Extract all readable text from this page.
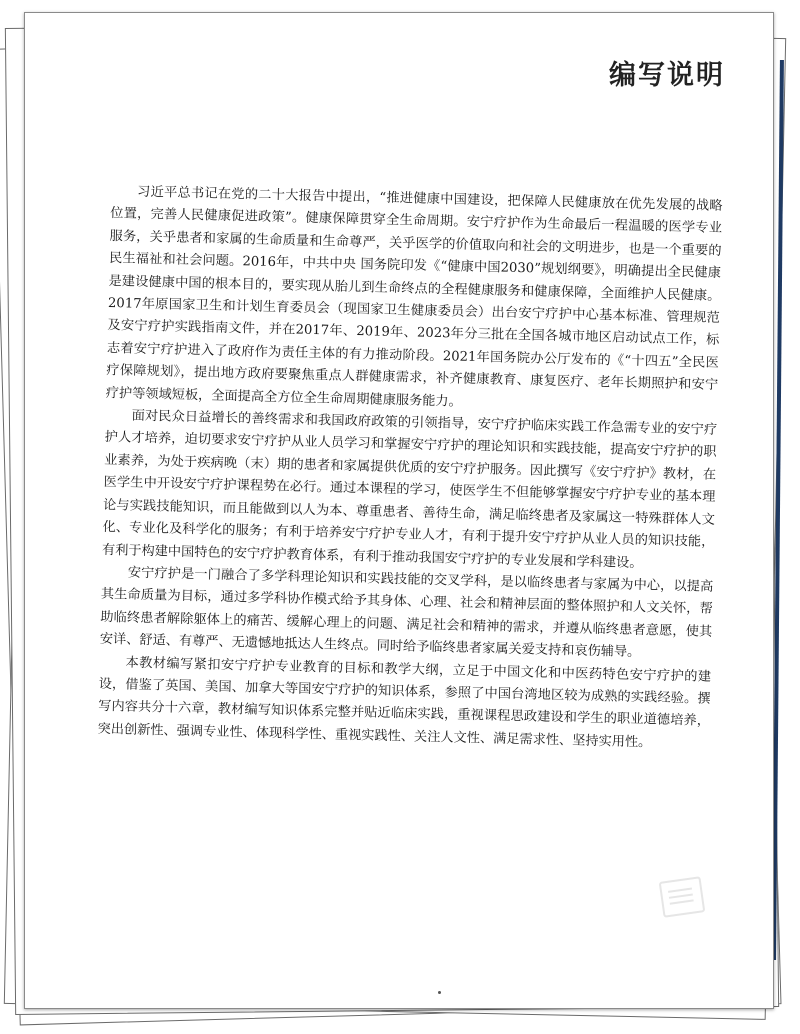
编写说明

习近平总书记在党的二十大报告中提出，“推进健康中国建设，把保障人民健康放在优先发展的战略位置，完善人民健康促进政策”。健康保障贯穿全生命周期。安宁疗护作为生命最后一程温暖的医学专业服务，关乎患者和家属的生命质量和生命尊严，关乎医学的价值取向和社会的文明进步，也是一个重要的民生福祉和社会问题。2016年，中共中央 国务院印发《“健康中国2030”规划纲要》，明确提出全民健康是建设健康中国的根本目的，要实现从胎儿到生命终点的全程健康服务和健康保障，全面维护人民健康。2017年原国家卫生和计划生育委员会（现国家卫生健康委员会）出台安宁疗护中心基本标准、管理规范及安宁疗护实践指南文件，并在2017年、2019年、2023年分三批在全国各城市地区启动试点工作，标志着安宁疗护进入了政府作为责任主体的有力推动阶段。2021年国务院办公厅发布的《“十四五”全民医疗保障规划》，提出地方政府要聚焦重点人群健康需求，补齐健康教育、康复医疗、老年长期照护和安宁疗护等领域短板，全面提高全方位全生命周期健康服务能力。

面对民众日益增长的善终需求和我国政府政策的引领指导，安宁疗护临床实践工作急需专业的安宁疗护人才培养，迫切要求安宁疗护从业人员学习和掌握安宁疗护的理论知识和实践技能，提高安宁疗护的职业素养，为处于疾病晚（末）期的患者和家属提供优质的安宁疗护服务。因此撰写《安宁疗护》教材，在医学生中开设安宁疗护课程势在必行。通过本课程的学习，使医学生不但能够掌握安宁疗护专业的基本理论与实践技能知识，而且能做到以人为本、尊重患者、善待生命，满足临终患者及家属这一特殊群体人文化、专业化及科学化的服务；有利于培养安宁疗护专业人才，有利于提升安宁疗护从业人员的知识技能，有利于构建中国特色的安宁疗护教育体系，有利于推动我国安宁疗护的专业发展和学科建设。

安宁疗护是一门融合了多学科理论知识和实践技能的交叉学科，是以临终患者与家属为中心，以提高其生命质量为目标，通过多学科协作模式给予其身体、心理、社会和精神层面的整体照护和人文关怀，帮助临终患者解除躯体上的痛苦、缓解心理上的问题、满足社会和精神的需求，并遵从临终患者意愿，使其安详、舒适、有尊严、无遗憾地抵达人生终点。同时给予临终患者家属关爱支持和哀伤辅导。

本教材编写紧扣安宁疗护专业教育的目标和教学大纲，立足于中国文化和中医药特色安宁疗护的建设，借鉴了英国、美国、加拿大等国安宁疗护的知识体系，参照了中国台湾地区较为成熟的实践经验。撰写内容共分十六章，教材编写知识体系完整并贴近临床实践，重视课程思政建设和学生的职业道德培养，突出创新性、强调专业性、体现科学性、重视实践性、关注人文性、满足需求性、坚持实用性。
